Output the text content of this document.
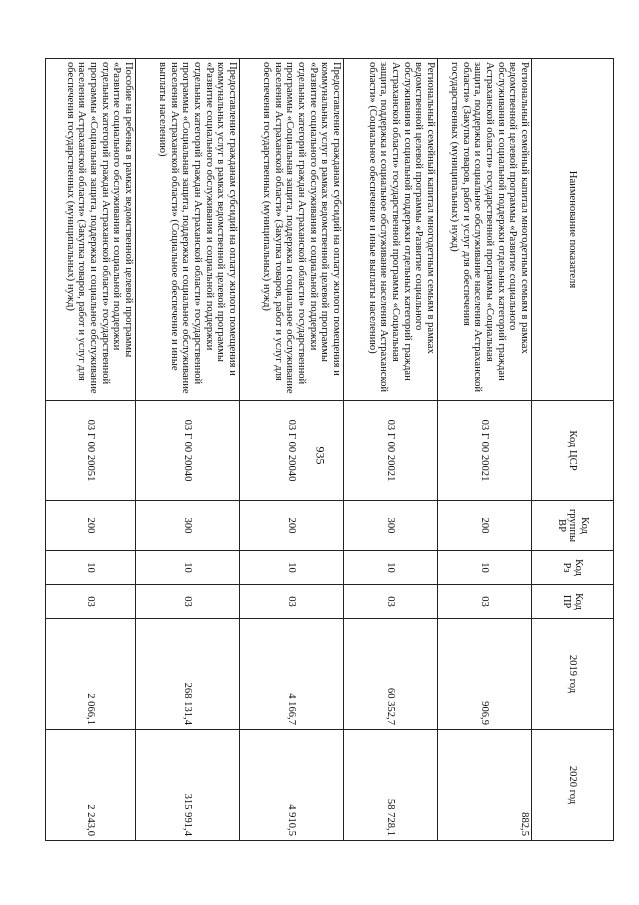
935
Наименование показателя	Код ЦСР	Код группы ВР	Код Рз	Код ПР	2019 год	2020 год
Региональный семейный капитал многодетным семьям в рамках ведомственной целевой программы «Развитие социального обслуживания и социальной поддержки отдельных категорий граждан Астраханской области» государственной программы «Социальная защита, поддержка и социальное обслуживание населения Астраханской области» (Закупка товаров, работ и услуг для обеспечения государственных (муниципальных) нужд)	03 Г 00 20021	200	10	03	906,9	882,5
Региональный семейный капитал многодетным семьям в рамках ведомственной целевой программы «Развитие социального обслуживания и социальной поддержки отдельных категорий граждан Астраханской области» государственной программы «Социальная защита, поддержка и социальное обслуживание населения Астраханской области» (Социальное обеспечение и иные выплаты населению)	03 Г 00 20021	300	10	03	60 352,7	58 728,1
Предоставление гражданам субсидий на оплату жилого помещения и коммунальных услуг в рамках ведомственной целевой программы «Развитие социального обслуживания и социальной поддержки отдельных категорий граждан Астраханской области» государственной программы «Социальная защита, поддержка и социальное обслуживание населения Астраханской области» (Закупка товаров, работ и услуг для обеспечения государственных (муниципальных) нужд)	03 Г 00 20040	200	10	03	4 166,7	4 910,5
Предоставление гражданам субсидий на оплату жилого помещения и коммунальных услуг в рамках ведомственной целевой программы «Развитие социального обслуживания и социальной поддержки отдельных категорий граждан Астраханской области» государственной программы «Социальная защита, поддержка и социальное обслуживание населения Астраханской области» (Социальное обеспечение и иные выплаты населению)	03 Г 00 20040	300	10	03	268 131,4	315 991,4
Пособие на ребенка в рамках ведомственной целевой программы «Развитие социального обслуживания и социальной поддержки отдельных категорий граждан Астраханской области» государственной программы «Социальная защита, поддержка и социальное обслуживание населения Астраханской области» (Закупка товаров, работ и услуг для обеспечения государственных (муниципальных) нужд)	03 Г 00 20051	200	10	03	2 066,1	2 243,0
